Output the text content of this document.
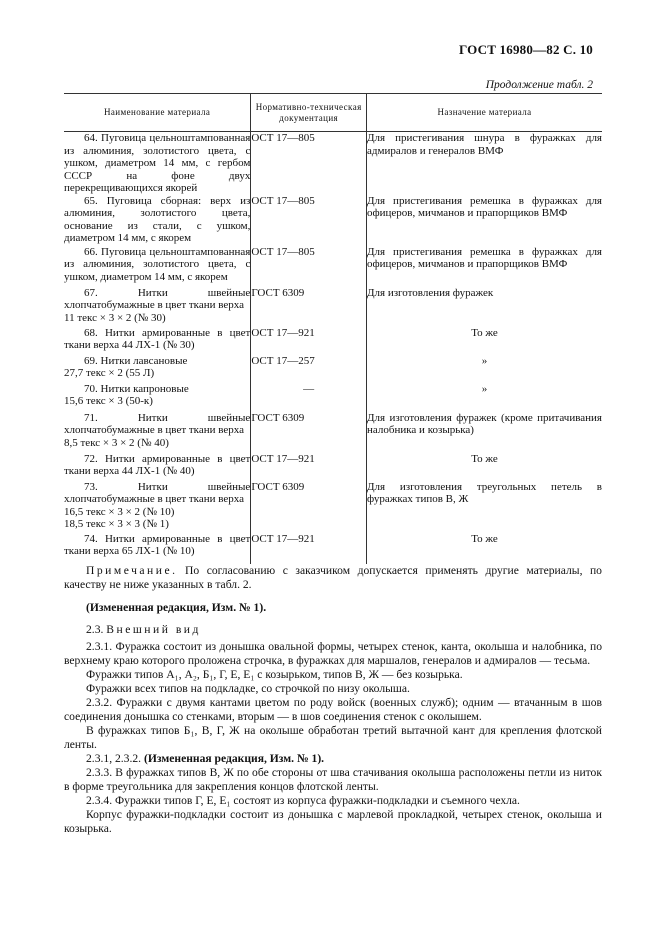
ГОСТ 16980—82 С. 10
Продолжение табл. 2
Наименование материала	Нормативно-техническая документация	Назначение материала

64. Пуговица цельноштампованная из алюминия, золотистого цвета, с ушком, диаметром 14 мм, с гербом СССР на фоне двух перекрещивающихся якорей	ОСТ 17—805	Для пристегивания шнура в фуражках для адмиралов и генералов ВМФ

65. Пуговица сборная: верх из алюминия, золотистого цвета, основание из стали, с ушком, диаметром 14 мм, с якорем	ОСТ 17—805	Для пристегивания ремешка в фуражках для офицеров, мичманов и прапорщиков ВМФ

66. Пуговица цельноштампованная из алюминия, золотистого цвета, с ушком, диаметром 14 мм, с якорем	ОСТ 17—805	Для пристегивания ремешка в фуражках для офицеров, мичманов и прапорщиков ВМФ

67. Нитки швейные хлопчатобумажные в цвет ткани верха
11 текс × 3 × 2 (№ 30)	ГОСТ 6309	Для изготовления фуражек

68. Нитки армированные в цвет ткани верха 44 ЛХ-1 (№ 30)	ОСТ 17—921	То же

69. Нитки лавсановые
27,7 текс × 2 (55 Л)	ОСТ 17—257	»

70. Нитки капроновые
15,6 текс × 3 (50-к)	—	»

71. Нитки швейные хлопчатобумажные в цвет ткани верха
8,5 текс × 3 × 2 (№ 40)	ГОСТ 6309	Для изготовления фуражек (кроме притачивания налобника и козырька)

72. Нитки армированные в цвет ткани верха 44 ЛХ-1 (№ 40)	ОСТ 17—921	То же

73. Нитки швейные хлопчатобумажные в цвет ткани верха
16,5 текс × 3 × 2 (№ 10)
18,5 текс × 3 × 3 (№ 1)	ГОСТ 6309	Для изготовления треугольных петель в фуражках типов В, Ж

74. Нитки армированные в цвет ткани верха 65 ЛХ-1 (№ 10)	ОСТ 17—921	То же

Примечание. По согласованию с заказчиком допускается применять другие материалы, по качеству не ниже указанных в табл. 2.

(Измененная редакция, Изм. № 1).

2.3. Внешний вид

2.3.1. Фуражка состоит из донышка овальной формы, четырех стенок, канта, околыша и налобника, по верхнему краю которого проложена строчка, в фуражках для маршалов, генералов и адмиралов — тесьма.

Фуражки типов А₁, А₂, Б₁, Г, Е, Е₁ с козырьком, типов В, Ж — без козырька.

Фуражки всех типов на подкладке, со строчкой по низу околыша.

2.3.2. Фуражки с двумя кантами цветом по роду войск (военных служб); одним — втачанным в шов соединения донышка со стенками, вторым — в шов соединения стенок с околышем.

В фуражках типов Б₁, В, Г, Ж на околыше обработан третий вытачной кант для крепления флотской ленты.

2.3.1, 2.3.2. (Измененная редакция, Изм. № 1).

2.3.3. В фуражках типов В, Ж по обе стороны от шва стачивания околыша расположены петли из ниток в форме треугольника для закрепления концов флотской ленты.

2.3.4. Фуражки типов Г, Е, Е₁ состоят из корпуса фуражки-подкладки и съемного чехла.

Корпус фуражки-подкладки состоит из донышка с марлевой прокладкой, четырех стенок, околыша и козырька.
